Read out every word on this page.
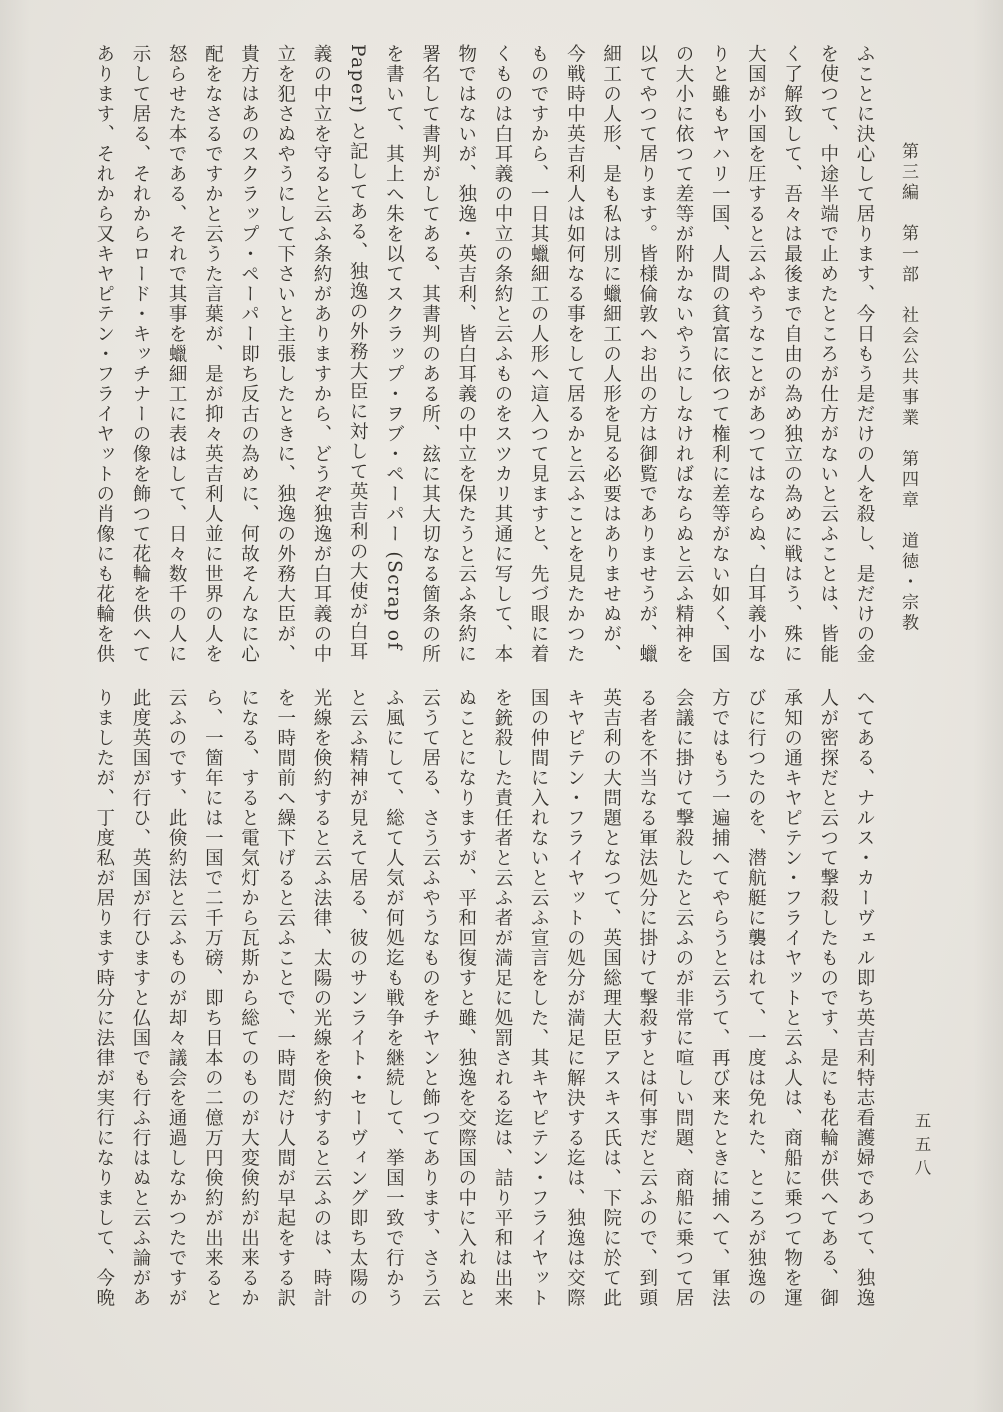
第三編　第一部　社会公共事業　第四章　道徳・宗教

ふことに決心して居ります、今日もう是だけの人を殺し、是だけの金

を使つて、中途半端で止めたところが仕方がないと云ふことは、皆能

く了解致して、吾々は最後まで自由の為め独立の為めに戦はう、殊に

大国が小国を圧すると云ふやうなことがあつてはならぬ、白耳義小な

りと雖もヤハリ一国、人間の貧富に依つて権利に差等がない如く、国

の大小に依つて差等が附かないやうにしなければならぬと云ふ精神を

以てやつて居ります。皆様倫敦へお出の方は御覧でありませうが、蠟

細工の人形、是も私は別に蠟細工の人形を見る必要はありませぬが、

今戦時中英吉利人は如何なる事をして居るかと云ふことを見たかつた

ものですから、一日其蠟細工の人形へ這入つて見ますと、先づ眼に着

くものは白耳義の中立の条約と云ふものをスツカリ其通に写して、本

物ではないが、独逸・英吉利、皆白耳義の中立を保たうと云ふ条約に

署名して書判がしてある、其書判のある所、玆に其大切なる箇条の所

を書いて、其上へ朱を以てスクラップ・ヲブ・ペーパー (Scrap of

Paper) と記してある、独逸の外務大臣に対して英吉利の大使が白耳

義の中立を守ると云ふ条約がありますから、どうぞ独逸が白耳義の中

立を犯さぬやうにして下さいと主張したときに、独逸の外務大臣が、

貴方はあのスクラップ・ペーパー即ち反古の為めに、何故そんなに心

配をなさるですかと云うた言葉が、是が抑々英吉利人並に世界の人を

怒らせた本である、それで其事を蠟細工に表はして、日々数千の人に

示して居る、それからロード・キッチナーの像を飾つて花輪を供へて

あります、それから又キヤピテン・フライヤットの肖像にも花輪を供

へてある、ナルス・カーヴェル即ち英吉利特志看護婦であつて、独逸

人が密探だと云つて撃殺したものです、是にも花輪が供へてある、御

承知の通キヤピテン・フライヤットと云ふ人は、商船に乗つて物を運

びに行つたのを、潜航艇に襲はれて、一度は免れた、ところが独逸の

方ではもう一遍捕へてやらうと云うて、再び来たときに捕へて、軍法

会議に掛けて撃殺したと云ふのが非常に喧しい問題、商船に乗つて居

る者を不当なる軍法処分に掛けて撃殺すとは何事だと云ふので、到頭

英吉利の大問題となつて、英国総理大臣アスキス氏は、下院に於て此

キヤピテン・フライヤットの処分が満足に解決する迄は、独逸は交際

国の仲間に入れないと云ふ宣言をした、其キヤピテン・フライヤット

を銃殺した責任者と云ふ者が満足に処罰される迄は、詰り平和は出来

ぬことになりますが、平和回復すと雖、独逸を交際国の中に入れぬと

云うて居る、さう云ふやうなものをチヤンと飾つてあります、さう云

ふ風にして、総て人気が何処迄も戦争を継続して、挙国一致で行かう

と云ふ精神が見えて居る、彼のサンライト・セーヴィング即ち太陽の

光線を倹約すると云ふ法律、太陽の光線を倹約すると云ふのは、時計

を一時間前へ繰下げると云ふことで、一時間だけ人間が早起をする訳

になる、すると電気灯から瓦斯から総てのものが大変倹約が出来るか

ら、一箇年には一国で二千万磅、即ち日本の二億万円倹約が出来ると

云ふのです、此倹約法と云ふものが却々議会を通過しなかつたですが

此度英国が行ひ、英国が行ひますと仏国でも行ふ行はぬと云ふ論があ

りましたが、丁度私が居ります時分に法律が実行になりまして、今晩	五五八
